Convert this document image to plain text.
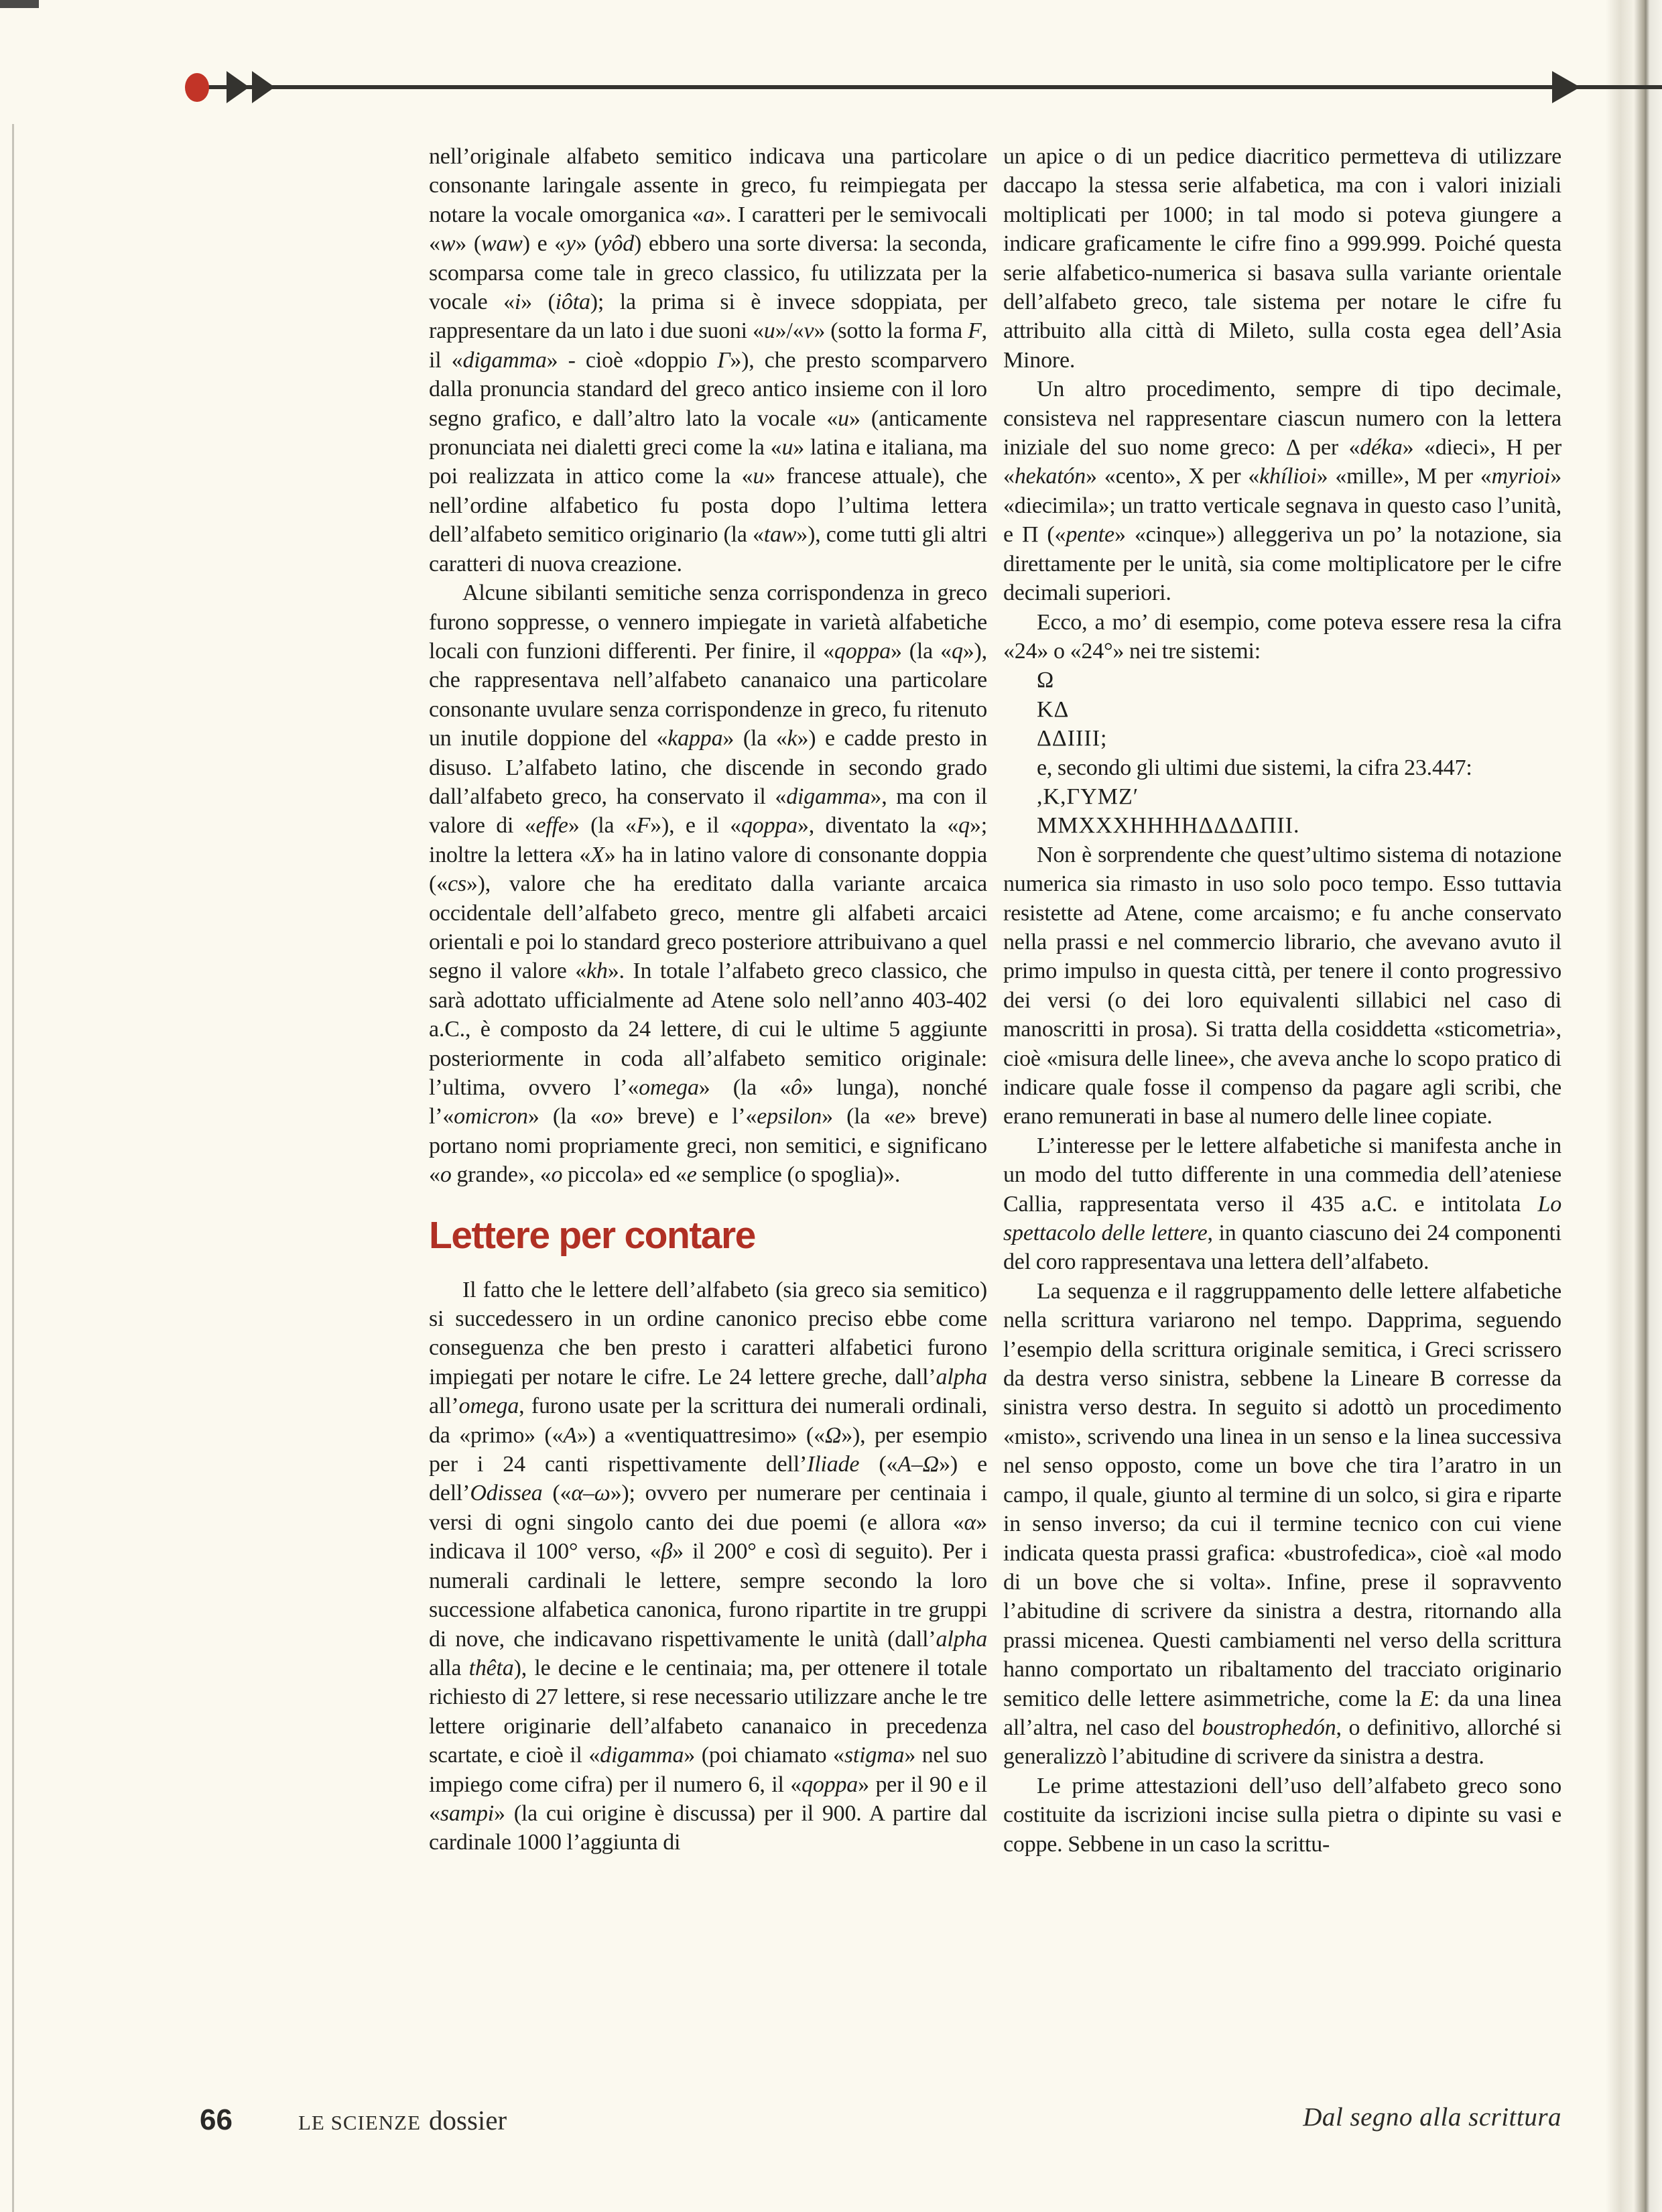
nell’originale alfabeto semitico indicava una particolare consonante laringale assente in greco, fu reimpiegata per notare la vocale omorganica «a». I caratteri per le semivocali «w» (waw) e «y» (yôd) ebbero una sorte diversa: la seconda, scomparsa come tale in greco classico, fu utilizzata per la vocale «i» (iôta); la prima si è invece sdoppiata, per rappresentare da un lato i due suoni «u»/«v» (sotto la forma F, il «digamma» - cioè «doppio Γ»), che presto scomparvero dalla pronuncia standard del greco antico insieme con il loro segno grafico, e dall’altro lato la vocale «u» (anticamente pronunciata nei dialetti greci come la «u» latina e italiana, ma poi realizzata in attico come la «u» francese attuale), che nell’ordine alfabetico fu posta dopo l’ultima lettera dell’alfabeto semitico originario (la «taw»), come tutti gli altri caratteri di nuova creazione.

Alcune sibilanti semitiche senza corrispondenza in greco furono soppresse, o vennero impiegate in varietà alfabetiche locali con funzioni differenti. Per finire, il «qoppa» (la «q»), che rappresentava nell’alfabeto cananaico una particolare consonante uvulare senza corrispondenze in greco, fu ritenuto un inutile doppione del «kappa» (la «k») e cadde presto in disuso. L’alfabeto latino, che discende in secondo grado dall’alfabeto greco, ha conservato il «digamma», ma con il valore di «effe» (la «F»), e il «qoppa», diventato la «q»; inoltre la lettera «X» ha in latino valore di consonante doppia («cs»), valore che ha ereditato dalla variante arcaica occidentale dell’alfabeto greco, mentre gli alfabeti arcaici orientali e poi lo standard greco posteriore attribuivano a quel segno il valore «kh». In totale l’alfabeto greco classico, che sarà adottato ufficialmente ad Atene solo nell’anno 403-402 a.C., è composto da 24 lettere, di cui le ultime 5 aggiunte posteriormente in coda all’alfabeto semitico originale: l’ultima, ovvero l’«omega» (la «ô» lunga), nonché l’«omicron» (la «o» breve) e l’«epsilon» (la «e» breve) portano nomi propriamente greci, non semitici, e significano «o grande», «o piccola» ed «e semplice (o spoglia)».

Lettere per contare

Il fatto che le lettere dell’alfabeto (sia greco sia semitico) si succedessero in un ordine canonico preciso ebbe come conseguenza che ben presto i caratteri alfabetici furono impiegati per notare le cifre. Le 24 lettere greche, dall’alpha all’omega, furono usate per la scrittura dei numerali ordinali, da «primo» («A») a «ventiquattresimo» («Ω»), per esempio per i 24 canti rispettivamente dell’Iliade («A–Ω») e dell’Odissea («α–ω»); ovvero per numerare per centinaia i versi di ogni singolo canto dei due poemi (e allora «α» indicava il 100° verso, «β» il 200° e così di seguito). Per i numerali cardinali le lettere, sempre secondo la loro successione alfabetica canonica, furono ripartite in tre gruppi di nove, che indicavano rispettivamente le unità (dall’alpha alla thêta), le decine e le centinaia; ma, per ottenere il totale richiesto di 27 lettere, si rese necessario utilizzare anche le tre lettere originarie dell’alfabeto cananaico in precedenza scartate, e cioè il «digamma» (poi chiamato «stigma» nel suo impiego come cifra) per il numero 6, il «qoppa» per il 90 e il «sampi» (la cui origine è discussa) per il 900. A partire dal cardinale 1000 l’aggiunta di

un apice o di un pedice diacritico permetteva di utilizzare daccapo la stessa serie alfabetica, ma con i valori iniziali moltiplicati per 1000; in tal modo si poteva giungere a indicare graficamente le cifre fino a 999.999. Poiché questa serie alfabetico-numerica si basava sulla variante orientale dell’alfabeto greco, tale sistema per notare le cifre fu attribuito alla città di Mileto, sulla costa egea dell’Asia Minore.

Un altro procedimento, sempre di tipo decimale, consisteva nel rappresentare ciascun numero con la lettera iniziale del suo nome greco: Δ per «déka» «dieci», H per «hekatón» «cento», X per «khílioi» «mille», M per «myrioi» «diecimila»; un tratto verticale segnava in questo caso l’unità, e Π («pente» «cinque») alleggeriva un po’ la notazione, sia direttamente per le unità, sia come moltiplicatore per le cifre decimali superiori.

Ecco, a mo’ di esempio, come poteva essere resa la cifra «24» o «24°» nei tre sistemi:

Ω

ΚΔ

ΔΔΙΙΙΙ;

e, secondo gli ultimi due sistemi, la cifra 23.447:

,Κ,ΓΥΜΖ′

ΜΜΧΧΧΗΗΗΗΔΔΔΔΠΙΙ.

Non è sorprendente che quest’ultimo sistema di notazione numerica sia rimasto in uso solo poco tempo. Esso tuttavia resistette ad Atene, come arcaismo; e fu anche conservato nella prassi e nel commercio librario, che avevano avuto il primo impulso in questa città, per tenere il conto progressivo dei versi (o dei loro equivalenti sillabici nel caso di manoscritti in prosa). Si tratta della cosiddetta «sticometria», cioè «misura delle linee», che aveva anche lo scopo pratico di indicare quale fosse il compenso da pagare agli scribi, che erano remunerati in base al numero delle linee copiate.

L’interesse per le lettere alfabetiche si manifesta anche in un modo del tutto differente in una commedia dell’ateniese Callia, rappresentata verso il 435 a.C. e intitolata Lo spettacolo delle lettere, in quanto ciascuno dei 24 componenti del coro rappresentava una lettera dell’alfabeto.

La sequenza e il raggruppamento delle lettere alfabetiche nella scrittura variarono nel tempo. Dapprima, seguendo l’esempio della scrittura originale semitica, i Greci scrissero da destra verso sinistra, sebbene la Lineare B corresse da sinistra verso destra. In seguito si adottò un procedimento «misto», scrivendo una linea in un senso e la linea successiva nel senso opposto, come un bove che tira l’aratro in un campo, il quale, giunto al termine di un solco, si gira e riparte in senso inverso; da cui il termine tecnico con cui viene indicata questa prassi grafica: «bustrofedica», cioè «al modo di un bove che si volta». Infine, prese il sopravvento l’abitudine di scrivere da sinistra a destra, ritornando alla prassi micenea. Questi cambiamenti nel verso della scrittura hanno comportato un ribaltamento del tracciato originario semitico delle lettere asimmetriche, come la E: da una linea all’altra, nel caso del boustrophedón, o definitivo, allorché si generalizzò l’abitudine di scrivere da sinistra a destra.

Le prime attestazioni dell’uso dell’alfabeto greco sono costituite da iscrizioni incise sulla pietra o dipinte su vasi e coppe. Sebbene in un caso la scrittu-

66	LE SCIENZE dossier	Dal segno alla scrittura
